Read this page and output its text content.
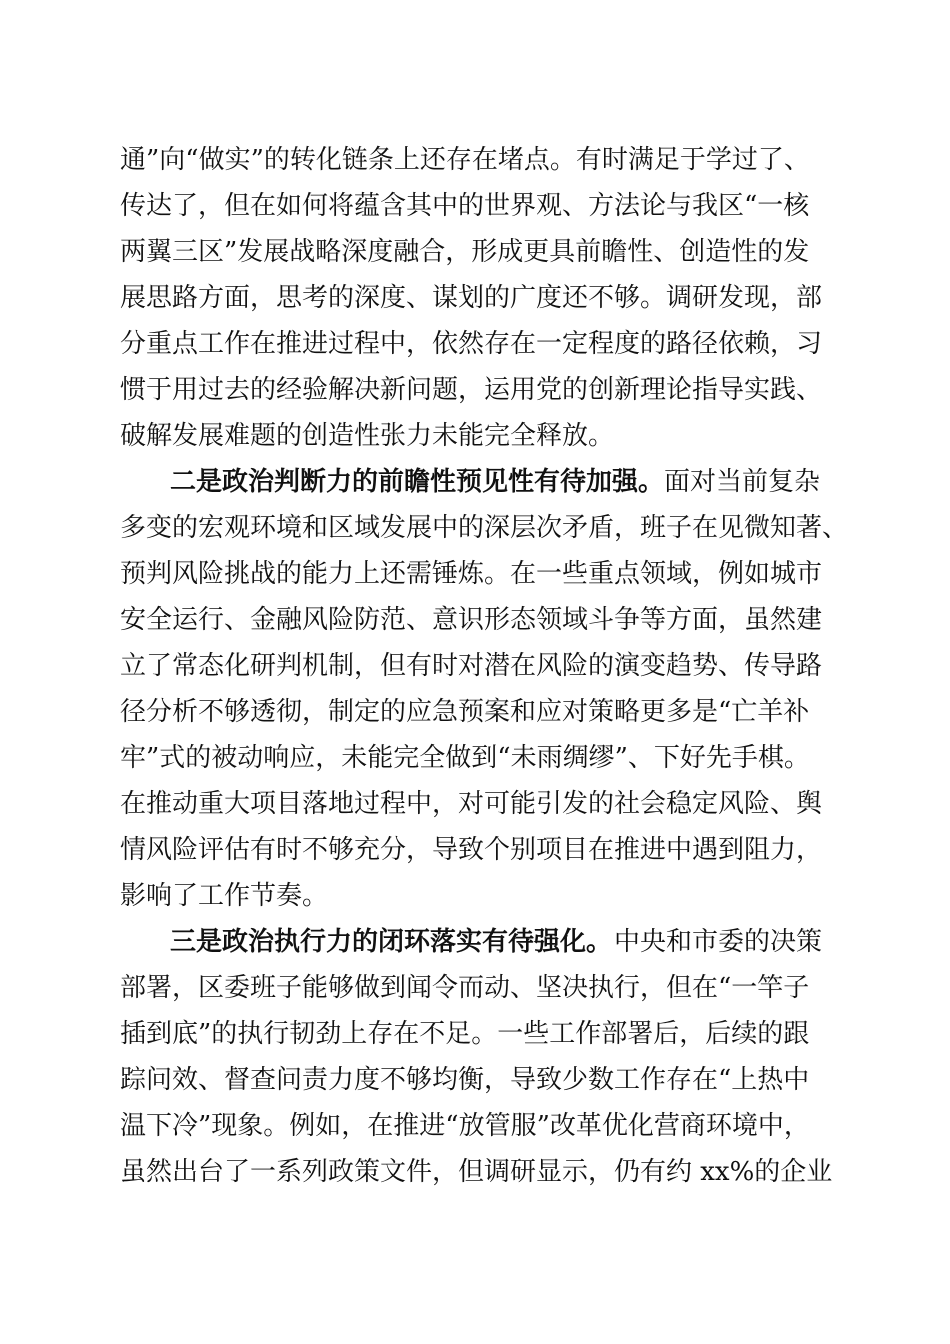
通”向“做实”的转化链条上还存在堵点。有时满足于学过了、
传达了，但在如何将蕴含其中的世界观、方法论与我区“一核
两翼三区”发展战略深度融合，形成更具前瞻性、创造性的发
展思路方面，思考的深度、谋划的广度还不够。调研发现，部
分重点工作在推进过程中，依然存在一定程度的路径依赖，习
惯于用过去的经验解决新问题，运用党的创新理论指导实践、
破解发展难题的创造性张力未能完全释放。
二是政治判断力的前瞻性预见性有待加强。 面对当前复杂
多变的宏观环境和区域发展中的深层次矛盾，班子在见微知著、
预判风险挑战的能力上还需锤炼。在一些重点领域，例如城市
安全运行、金融风险防范、意识形态领域斗争等方面，虽然建
立了常态化研判机制，但有时对潜在风险的演变趋势、传导路
径分析不够透彻，制定的应急预案和应对策略更多是“亡羊补
牢”式的被动响应，未能完全做到“未雨绸缪”、下好先手棋。
在推动重大项目落地过程中，对可能引发的社会稳定风险、舆
情风险评估有时不够充分，导致个别项目在推进中遇到阻力，
影响了工作节奏。
三是政治执行力的闭环落实有待强化。 中央和市委的决策
部署，区委班子能够做到闻令而动、坚决执行，但在“一竿子
插到底”的执行韧劲上存在不足。一些工作部署后，后续的跟
踪问效、督查问责力度不够均衡，导致少数工作存在“上热中
温下冷”现象。例如，在推进“放管服”改革优化营商环境中，
虽然出台了一系列政策文件，但调研显示，仍有约 xx%的企业
